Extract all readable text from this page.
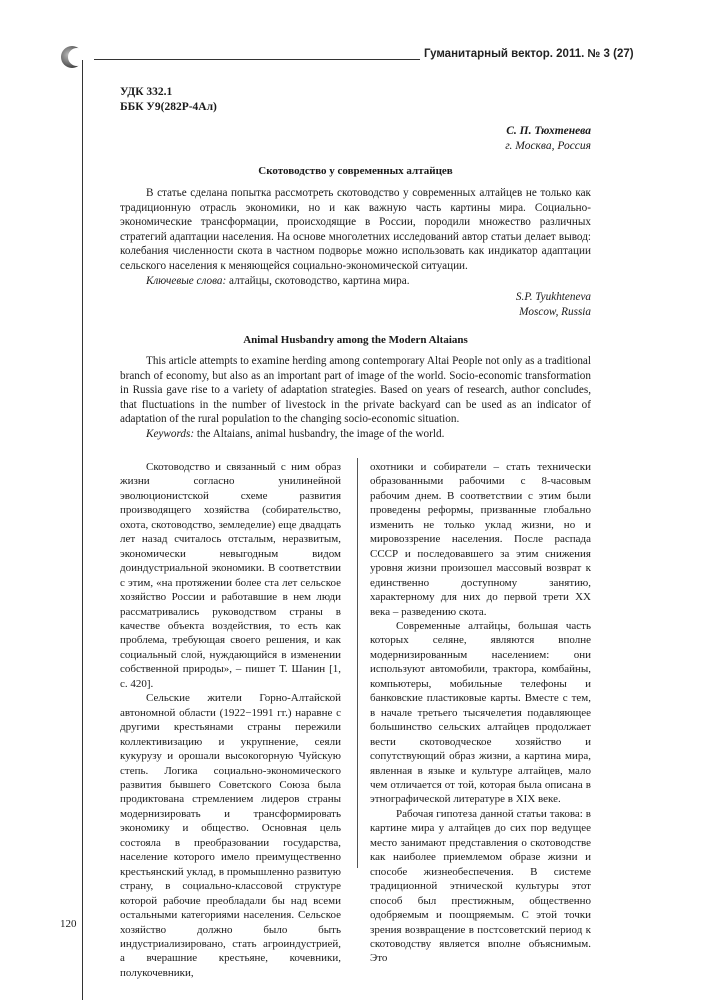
Гуманитарный вектор. 2011. № 3 (27)
УДК 332.1
ББК У9(282Р-4Ал)
С. П. Тюхтенева
г. Москва, Россия
Скотоводство у современных алтайцев

В статье сделана попытка рассмотреть скотоводство у современных алтайцев не только как традиционную отрасль экономики, но и как важную часть картины мира. Социально-экономические трансформации, происходящие в России, породили множество различных стратегий адаптации населения. На основе многолетних исследований автор статьи делает вывод: колебания численности скота в частном подворье можно использовать как индикатор адаптации сельского населения к меняющейся социально-экономической ситуации.

Ключевые слова: алтайцы, скотоводство, картина мира.

S.P. Tyukhteneva
Moscow, Russia
Animal Husbandry among the Modern Altaians

This article attempts to examine herding among contemporary Altai People not only as a traditional branch of economy, but also as an important part of image of the world. Socio-economic transformation in Russia gave rise to a variety of adaptation strategies. Based on years of research, author concludes, that fluctuations in the number of livestock in the private backyard can be used as an indicator of adaptation of the rural population to the changing socio-economic situation.

Keywords: the Altaians, animal husbandry, the image of the world.

Скотоводство и связанный с ним образ жизни согласно унилинейной эволюционистской схеме развития производящего хозяйства (собирательство, охота, скотоводство, земледелие) еще двадцать лет назад считалось отсталым, неразвитым, экономически невыгодным видом доиндустриальной экономики. В соответствии с этим, «на протяжении более ста лет сельское хозяйство России и работавшие в нем люди рассматривались руководством страны в качестве объекта воздействия, то есть как проблема, требующая своего решения, и как социальный слой, нуждающийся в изменении собственной природы», – пишет Т. Шанин [1, с. 420].

Сельские жители Горно-Алтайской автономной области (1922−1991 гг.) наравне с другими крестьянами страны пережили коллективизацию и укрупнение, сеяли кукурузу и орошали высокогорную Чуйскую степь. Логика социально-экономического развития бывшего Советского Союза была продиктована стремлением лидеров страны модернизировать и трансформировать экономику и общество. Основная цель состояла в преобразовании государства, население которого имело преимущественно крестьянский уклад, в промышленно развитую страну, в социально-классовой структуре которой рабочие преобладали бы над всеми остальными категориями населения. Сельское хозяйство должно было быть индустриализировано, стать агроиндустрией, а вчерашние крестьяне, кочевники, полукочевники,

охотники и собиратели – стать технически образованными рабочими с 8-часовым рабочим днем. В соответствии с этим были проведены реформы, призванные глобально изменить не только уклад жизни, но и мировоззрение населения. После распада СССР и последовавшего за этим снижения уровня жизни произошел массовый возврат к единственно доступному занятию, характерному для них до первой трети XX века – разведению скота.

Современные алтайцы, большая часть которых селяне, являются вполне модернизированным населением: они используют автомобили, трактора, комбайны, компьютеры, мобильные телефоны и банковские пластиковые карты. Вместе с тем, в начале третьего тысячелетия подавляющее большинство сельских алтайцев продолжает вести скотоводческое хозяйство и сопутствующий образ жизни, а картина мира, явленная в языке и культуре алтайцев, мало чем отличается от той, которая была описана в этнографической литературе в XIX веке.

Рабочая гипотеза данной статьи такова: в картине мира у алтайцев до сих пор ведущее место занимают представления о скотоводстве как наиболее приемлемом образе жизни и способе жизнеобеспечения. В системе традиционной этнической культуры этот способ был престижным, общественно одобряемым и поощряемым. С этой точки зрения возвращение в постсоветский период к скотоводству является вполне объяснимым. Это

120
